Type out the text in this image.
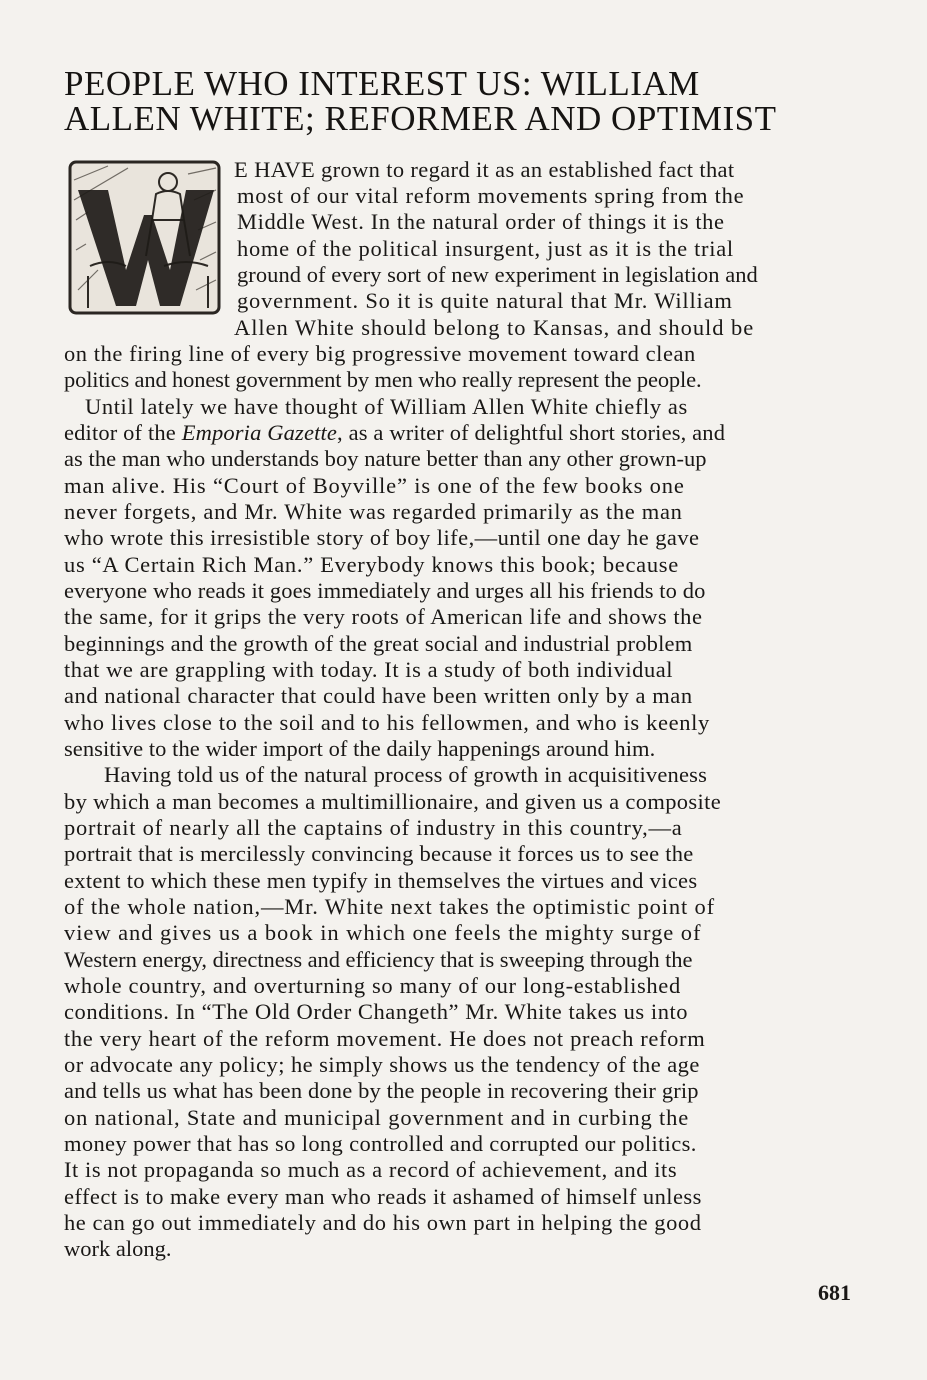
PEOPLE WHO INTEREST US: WILLIAM
ALLEN WHITE; REFORMER AND OPTIMIST
W	E HAVE grown to regard it as an established fact that
most of our vital reform movements spring from the
Middle West. In the natural order of things it is the
home of the political insurgent, just as it is the trial
ground of every sort of new experiment in legislation and
government. So it is quite natural that Mr. William
Allen White should belong to Kansas, and should be
on the firing line of every big progressive movement toward clean
politics and honest government by men who really represent the people.
Until lately we have thought of William Allen White chiefly as
editor of the Emporia Gazette, as a writer of delightful short stories, and
as the man who understands boy nature better than any other grown-up
man alive. His “Court of Boyville” is one of the few books one
never forgets, and Mr. White was regarded primarily as the man
who wrote this irresistible story of boy life,—until one day he gave
us “A Certain Rich Man.” Everybody knows this book; because
everyone who reads it goes immediately and urges all his friends to do
the same, for it grips the very roots of American life and shows the
beginnings and the growth of the great social and industrial problem
that we are grappling with today. It is a study of both individual
and national character that could have been written only by a man
who lives close to the soil and to his fellowmen, and who is keenly
sensitive to the wider import of the daily happenings around him.
Having told us of the natural process of growth in acquisitiveness
by which a man becomes a multimillionaire, and given us a composite
portrait of nearly all the captains of industry in this country,—a
portrait that is mercilessly convincing because it forces us to see the
extent to which these men typify in themselves the virtues and vices
of the whole nation,—Mr. White next takes the optimistic point of
view and gives us a book in which one feels the mighty surge of
Western energy, directness and efficiency that is sweeping through the
whole country, and overturning so many of our long-established
conditions. In “The Old Order Changeth” Mr. White takes us into
the very heart of the reform movement. He does not preach reform
or advocate any policy; he simply shows us the tendency of the age
and tells us what has been done by the people in recovering their grip
on national, State and municipal government and in curbing the
money power that has so long controlled and corrupted our politics.
It is not propaganda so much as a record of achievement, and its
effect is to make every man who reads it ashamed of himself unless
he can go out immediately and do his own part in helping the good
work along.
681
